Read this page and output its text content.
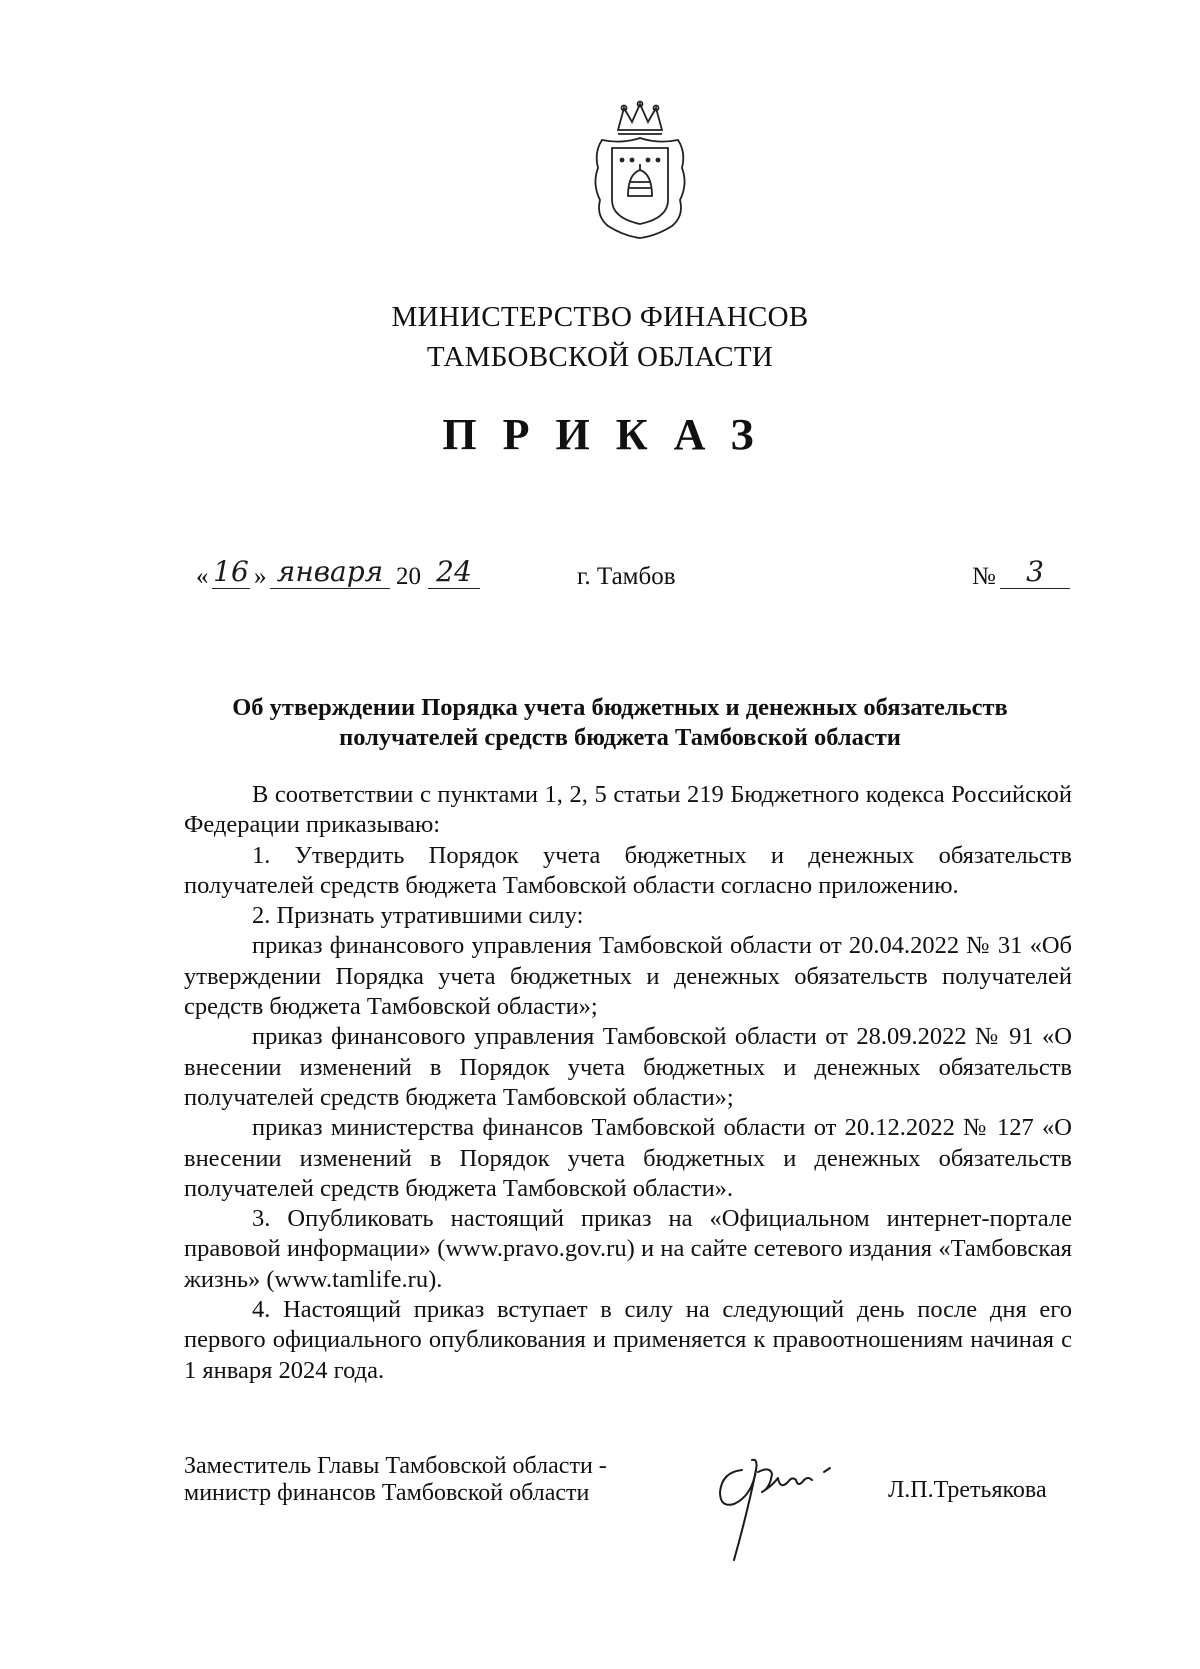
МИНИСТЕРСТВО ФИНАНСОВ
ТАМБОВСКОЙ ОБЛАСТИ
ПРИКАЗ
« 16 » января 20 24	г. Тамбов	№	3
Об утверждении Порядка учета бюджетных и денежных обязательств
получателей средств бюджета Тамбовской области

В соответствии с пунктами 1, 2, 5 статьи 219 Бюджетного кодекса Российской Федерации приказываю:

1. Утвердить Порядок учета бюджетных и денежных обязательств получателей средств бюджета Тамбовской области согласно приложению.

2. Признать утратившими силу:

приказ финансового управления Тамбовской области от 20.04.2022 № 31 «Об утверждении Порядка учета бюджетных и денежных обязательств получателей средств бюджета Тамбовской области»;

приказ финансового управления Тамбовской области от 28.09.2022 № 91 «О внесении изменений в Порядок учета бюджетных и денежных обязательств получателей средств бюджета Тамбовской области»;

приказ министерства финансов Тамбовской области от 20.12.2022 № 127 «О внесении изменений в Порядок учета бюджетных и денежных обязательств получателей средств бюджета Тамбовской области».

3. Опубликовать настоящий приказ на «Официальном интернет-портале правовой информации» (www.pravo.gov.ru) и на сайте сетевого издания «Тамбовская жизнь» (www.tamlife.ru).

4. Настоящий приказ вступает в силу на следующий день после дня его первого официального опубликования и применяется к правоотношениям начиная с 1 января 2024 года.

Заместитель Главы Тамбовской области -
министр финансов Тамбовской области	Л.П.Третьякова
